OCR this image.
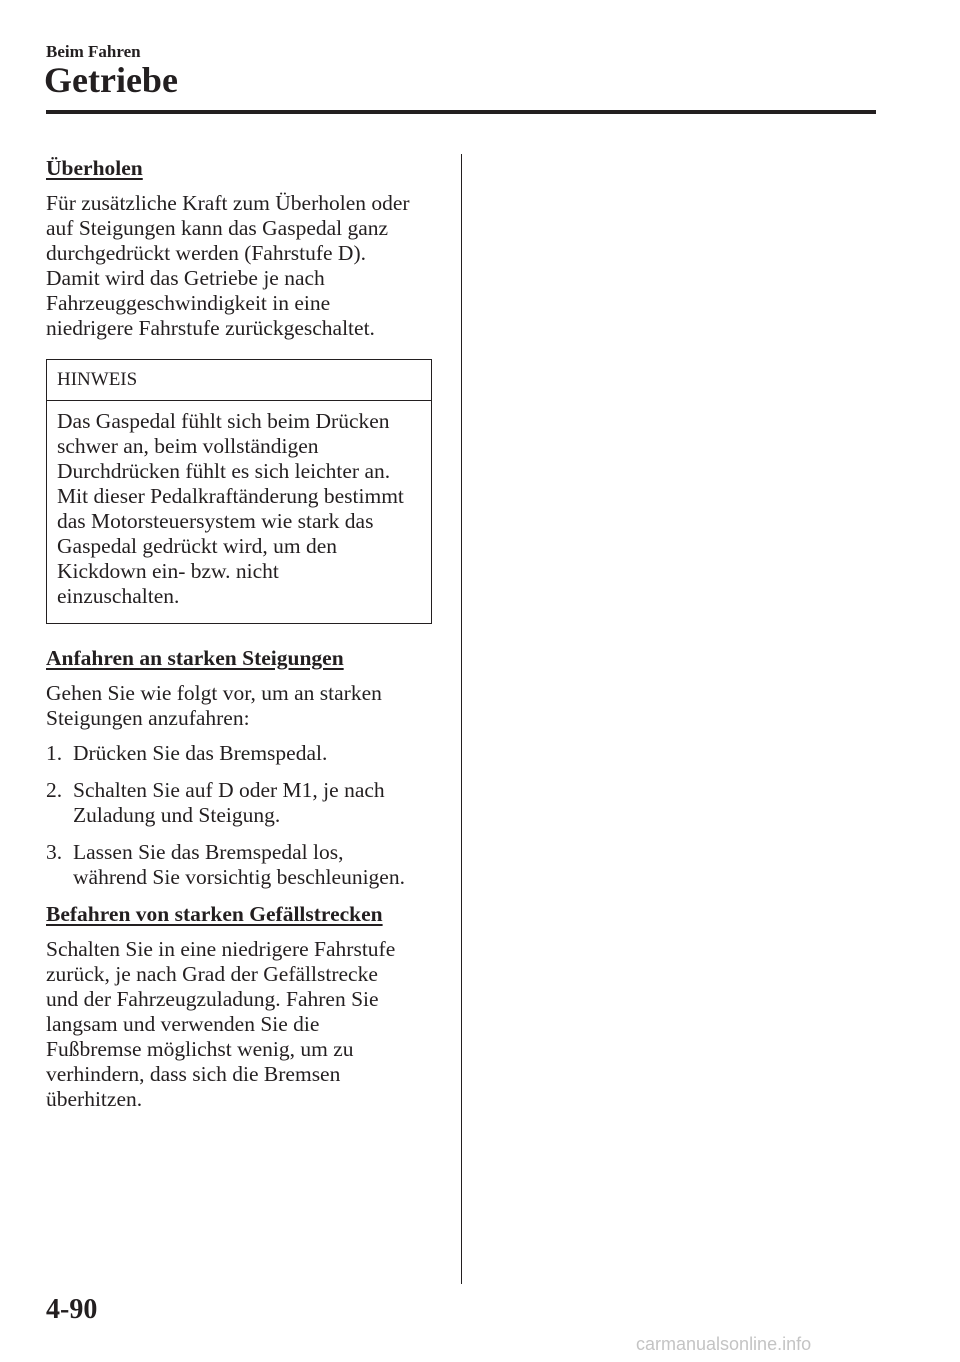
Beim Fahren

Getriebe
Überholen

Für zusätzliche Kraft zum Überholen oder
auf Steigungen kann das Gaspedal ganz
durchgedrückt werden (Fahrstufe D).
Damit wird das Getriebe je nach
Fahrzeuggeschwindigkeit in eine
niedrigere Fahrstufe zurückgeschaltet.

HINWEIS
Das Gaspedal fühlt sich beim Drücken
schwer an, beim vollständigen
Durchdrücken fühlt es sich leichter an.
Mit dieser Pedalkraftänderung bestimmt
das Motorsteuersystem wie stark das
Gaspedal gedrückt wird, um den
Kickdown ein- bzw. nicht
einzuschalten.
Anfahren an starken Steigungen

Gehen Sie wie folgt vor, um an starken
Steigungen anzufahren:

1. Drücken Sie das Bremspedal.
2. Schalten Sie auf D oder M1, je nach
Zuladung und Steigung.
3. Lassen Sie das Bremspedal los,
während Sie vorsichtig beschleunigen.
Befahren von starken Gefällstrecken

Schalten Sie in eine niedrigere Fahrstufe
zurück, je nach Grad der Gefällstrecke
und der Fahrzeugzuladung. Fahren Sie
langsam und verwenden Sie die
Fußbremse möglichst wenig, um zu
verhindern, dass sich die Bremsen
überhitzen.

4-90

carmanualsonline.info
